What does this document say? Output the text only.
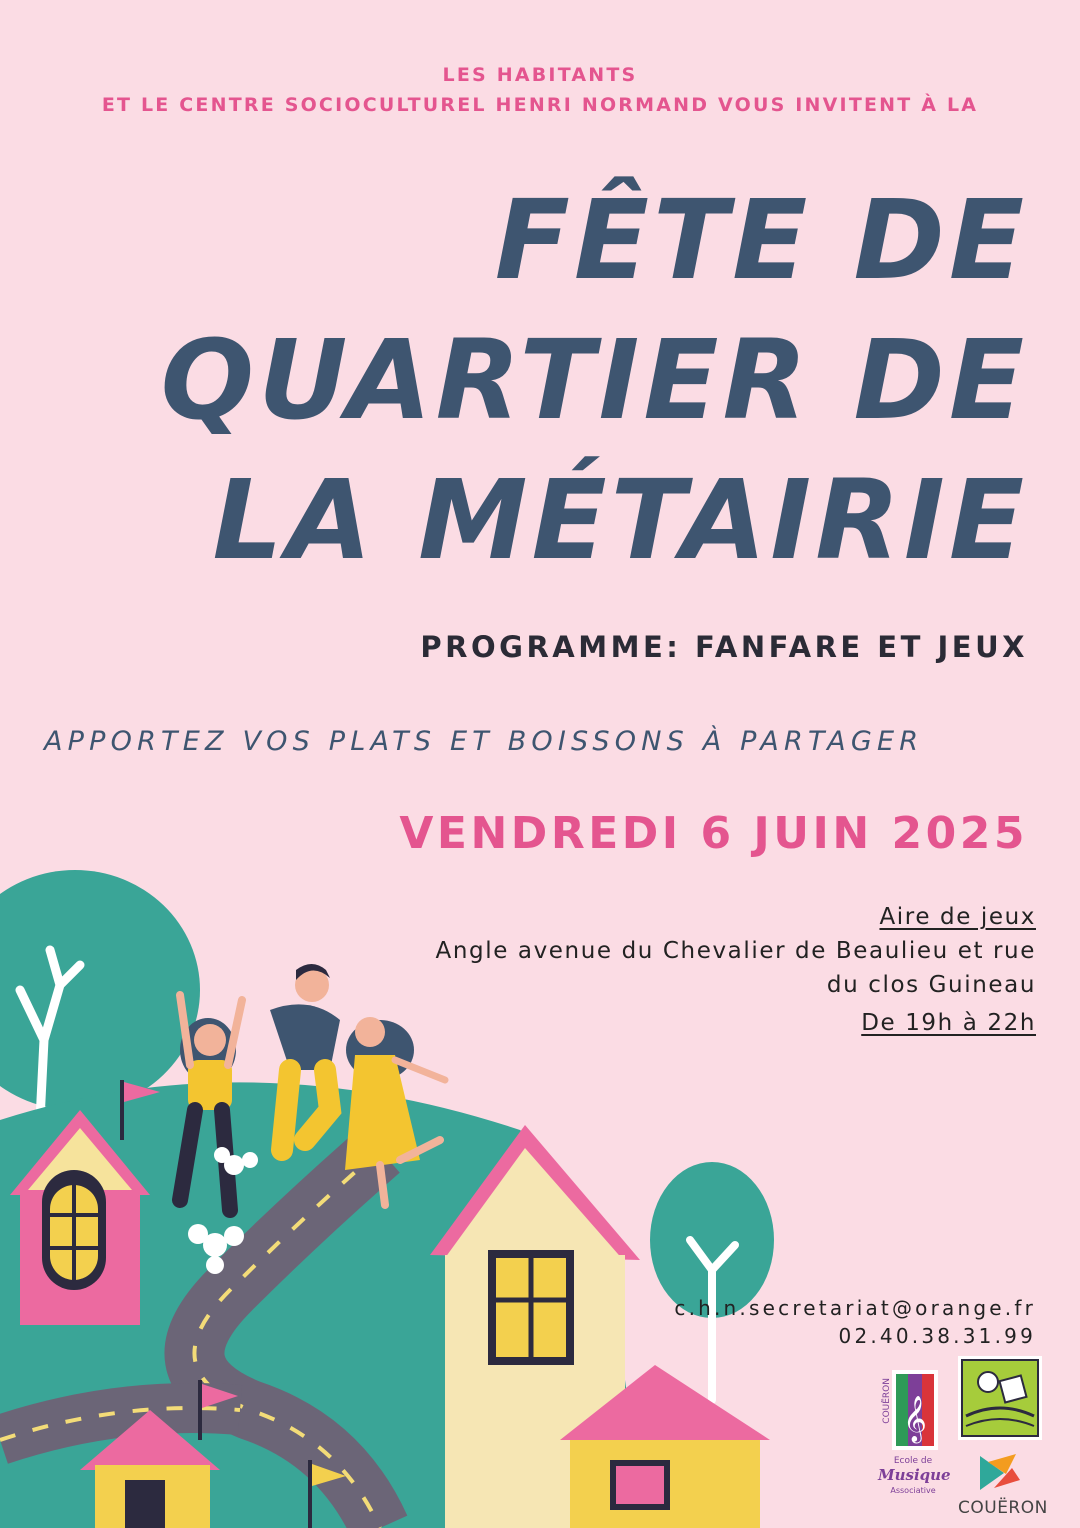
LES HABITANTS
ET LE CENTRE SOCIOCULTUREL HENRI NORMAND VOUS INVITENT À LA
FÊTE DE
QUARTIER DE
LA MÉTAIRIE
PROGRAMME: FANFARE ET JEUX
APPORTEZ VOS PLATS ET BOISSONS À PARTAGER
VENDREDI 6 JUIN 2025
Aire de jeux
Angle avenue du Chevalier de Beaulieu et rue
du clos Guineau
De 19h à 22h
c.h.n.secretariat@orange.fr
02.40.38.31.99
𝄞
COUËRON
Ecole de
Musique
Associative
COUËRON
